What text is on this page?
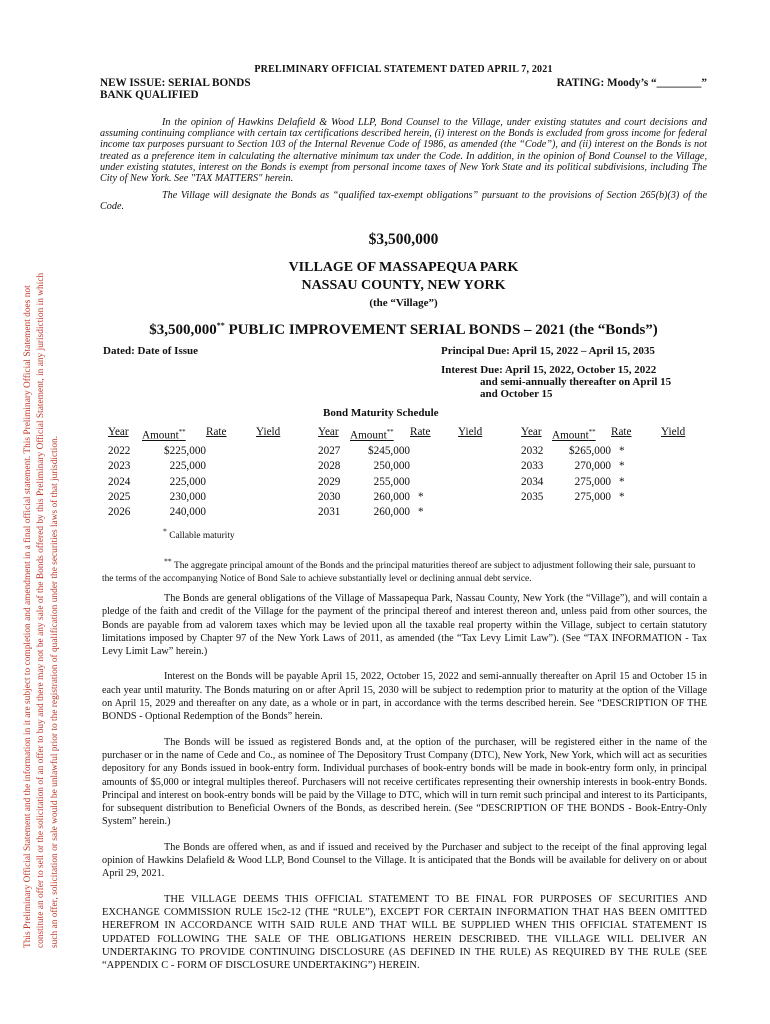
This Preliminary Official Statement and the information in it are subject to completion and amendment in a final official statement. This Preliminary Official Statement does not constitute an offer to sell or the solicitation of an offer to buy and there may not be any sale of the Bonds offered by this Preliminary Official Statement, in any jurisdiction in which such an offer, solicitation or sale would be unlawful prior to the registration of qualification under the securities laws of that jurisdiction.
PRELIMINARY OFFICIAL STATEMENT DATED APRIL 7, 2021
NEW ISSUE: SERIAL BONDS	RATING: Moody’s “________”
BANK QUALIFIED

In the opinion of Hawkins Delafield & Wood LLP, Bond Counsel to the Village, under existing statutes and court decisions and assuming continuing compliance with certain tax certifications described herein, (i) interest on the Bonds is excluded from gross income for federal income tax purposes pursuant to Section 103 of the Internal Revenue Code of 1986, as amended (the “Code”), and (ii) interest on the Bonds is not treated as a preference item in calculating the alternative minimum tax under the Code. In addition, in the opinion of Bond Counsel to the Village, under existing statutes, interest on the Bonds is exempt from personal income taxes of New York State and its political subdivisions, including The City of New York. See "TAX MATTERS" herein.

The Village will designate the Bonds as “qualified tax-exempt obligations” pursuant to the provisions of Section 265(b)(3) of the Code.

$3,500,000
VILLAGE OF MASSAPEQUA PARK
NASSAU COUNTY, NEW YORK
(the “Village”)
$3,500,000** PUBLIC IMPROVEMENT SERIAL BONDS – 2021 (the “Bonds”)
Dated: Date of Issue	Principal Due: April 15, 2022 – April 15, 2035
Interest Due: April 15, 2022, October 15, 2022
and semi-annually thereafter on April 15
and October 15
Bond Maturity Schedule
Year	Amount**	Rate	Yield
2022	$225,000
2023	225,000
2024	225,000
2025	230,000
2026	240,000
Year	Amount**	Rate	Yield
2027	$245,000
2028	250,000
2029	255,000
2030	260,000 *
2031	260,000 *
Year Amount**	Rate	Yield
2032	$265,000 *
2033	270,000 *
2034	275,000 *
2035	275,000 *
* Callable maturity
** The aggregate principal amount of the Bonds and the principal maturities thereof are subject to adjustment following their sale, pursuant to the terms of the accompanying Notice of Bond Sale to achieve substantially level or declining annual debt service.

The Bonds are general obligations of the Village of Massapequa Park, Nassau County, New York (the “Village”), and will contain a pledge of the faith and credit of the Village for the payment of the principal thereof and interest thereon and, unless paid from other sources, the Bonds are payable from ad valorem taxes which may be levied upon all the taxable real property within the Village, subject to certain statutory limitations imposed by Chapter 97 of the New York Laws of 2011, as amended (the “Tax Levy Limit Law”). (See “TAX INFORMATION - Tax Levy Limit Law” herein.)

Interest on the Bonds will be payable April 15, 2022, October 15, 2022 and semi-annually thereafter on April 15 and October 15 in each year until maturity. The Bonds maturing on or after April 15, 2030 will be subject to redemption prior to maturity at the option of the Village on April 15, 2029 and thereafter on any date, as a whole or in part, in accordance with the terms described herein. See “DESCRIPTION OF THE BONDS - Optional Redemption of the Bonds” herein.

The Bonds will be issued as registered Bonds and, at the option of the purchaser, will be registered either in the name of the purchaser or in the name of Cede and Co., as nominee of The Depository Trust Company (DTC), New York, New York, which will act as securities depository for any Bonds issued in book-entry form. Individual purchases of book-entry bonds will be made in book-entry form only, in principal amounts of $5,000 or integral multiples thereof. Purchasers will not receive certificates representing their ownership interests in book-entry Bonds. Principal and interest on book-entry bonds will be paid by the Village to DTC, which will in turn remit such principal and interest to its Participants, for subsequent distribution to Beneficial Owners of the Bonds, as described herein. (See “DESCRIPTION OF THE BONDS - Book-Entry-Only System” herein.)

The Bonds are offered when, as and if issued and received by the Purchaser and subject to the receipt of the final approving legal opinion of Hawkins Delafield & Wood LLP, Bond Counsel to the Village. It is anticipated that the Bonds will be available for delivery on or about April 29, 2021.

THE VILLAGE DEEMS THIS OFFICIAL STATEMENT TO BE FINAL FOR PURPOSES OF SECURITIES AND EXCHANGE COMMISSION RULE 15c2-12 (THE “RULE”), EXCEPT FOR CERTAIN INFORMATION THAT HAS BEEN OMITTED HEREFROM IN ACCORDANCE WITH SAID RULE AND THAT WILL BE SUPPLIED WHEN THIS OFFICIAL STATEMENT IS UPDATED FOLLOWING THE SALE OF THE OBLIGATIONS HEREIN DESCRIBED. THE VILLAGE WILL DELIVER AN UNDERTAKING TO PROVIDE CONTINUING DISCLOSURE (AS DEFINED IN THE RULE) AS REQUIRED BY THE RULE (SEE “APPENDIX C - FORM OF DISCLOSURE UNDERTAKING”) HEREIN.
